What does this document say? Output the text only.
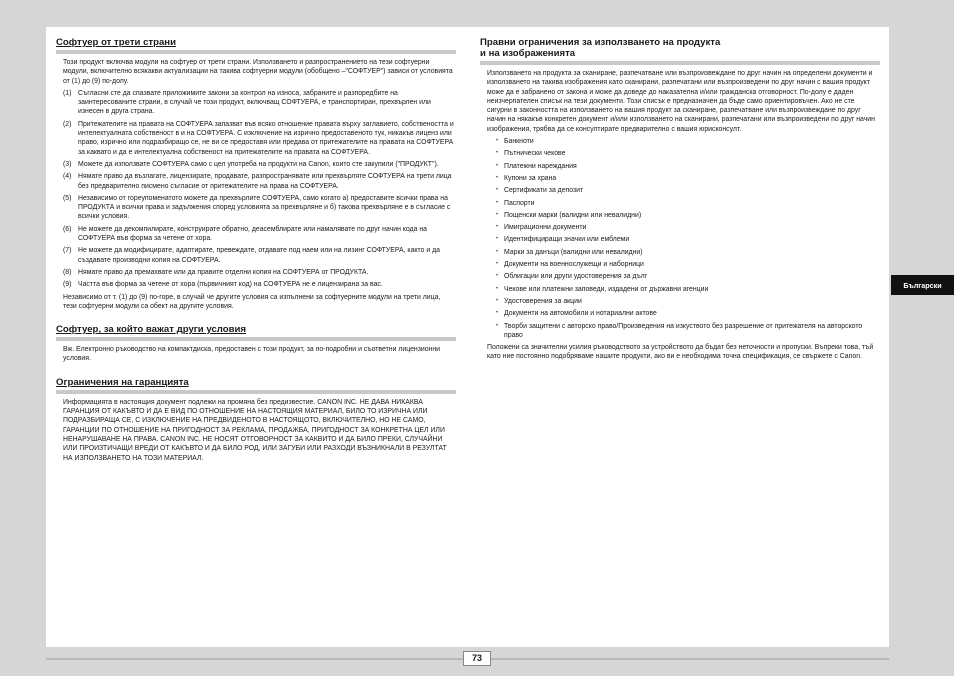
Софтуер от трети страни

Този продукт включва модули на софтуер от трети страни. Използването и разпространението на тези софтуерни модули, включително всякакви актуализации на такива софтуерни модули (обобщено –"СОФТУЕР") зависи от условията от (1) до (9) по-долу.

(1) Съгласни сте да спазвате приложимите закони за контрол на износа, забраните и разпоредбите на заинтересованите страни, в случай че този продукт, включващ СОФТУЕРА, е транспортиран, прехвърлен или изнесен в друга страна.
(2) Притежателите на правата на СОФТУЕРА запазват във всяко отношение правата върху заглавието, собствеността и интелектуалната собственост в и на СОФТУЕРА. С изключение на изрично предоставеното тук, никакъв лиценз или право, изрично или подразбиращо се, не ви се предоставя или предава от притежателите на правата на СОФТУЕРА за каквато и да е интелектуална собственост на притежателите на правата на СОФТУЕРА.
(3) Можете да използвате СОФТУЕРА само с цел употреба на продукти на Canon, които сте закупили ("ПРОДУКТ").
(4) Нямате право да възлагате, лицензирате, продавате, разпространявате или прехвърляте СОФТУЕРА на трети лица без предварително писмено съгласие от притежателите на права на СОФТУЕРА.
(5) Независимо от гореупоменатото можете да прехвърлите СОФТУЕРА, само когато а) предоставите всички права на ПРОДУКТА и всички права и задължения според условията за прехвърляне и б) такова прехвърляне е в съгласие с всички условия.
(6) Не можете да декомпилирате, конструирате обратно, деасемблирате или намалявате по друг начин кода на СОФТУЕРА във форма за четене от хора.
(7) Не можете да модифицирате, адаптирате, превеждате, отдавате под наем или на лизинг СОФТУЕРА, както и да създавате производни копия на СОФТУЕРА.
(8) Нямате право да премахвате или да правите отделни копия на СОФТУЕРА от ПРОДУКТА.
(9) Частта във форма за четене от хора (първичният код) на СОФТУЕРА не е лицензирана за вас.

Независимо от т. (1) до (9) по-горе, в случай че другите условия са изпълнени за софтуерните модули на трети лица, тези софтуерни модули са обект на другите условия.

Софтуер, за който важат други условия

Вж. Електронно ръководство на компактдиска, предоставен с този продукт, за по-подробни и съответни лицензионни условия.

Ограничения на гаранцията

Информацията в настоящия документ подлежи на промяна без предизвестие. CANON INC. НЕ ДАВА НИКАКВА ГАРАНЦИЯ ОТ КАКЪВТО И ДА Е ВИД ПО ОТНОШЕНИЕ НА НАСТОЯЩИЯ МАТЕРИАЛ, БИЛО ТО ИЗРИЧНА ИЛИ ПОДРАЗБИРАЩА СЕ, С ИЗКЛЮЧЕНИЕ НА ПРЕДВИДЕНОТО В НАСТОЯЩОТО, ВКЛЮЧИТЕЛНО, НО НЕ САМО, ГАРАНЦИИ ПО ОТНОШЕНИЕ НА ПРИГОДНОСТ ЗА РЕКЛАМА, ПРОДАЖБА, ПРИГОДНОСТ ЗА КОНКРЕТНА ЦЕЛ ИЛИ НЕНАРУШАВАНЕ НА ПРАВА. CANON INC. НЕ НОСЯТ ОТГОВОРНОСТ ЗА КАКВИТО И ДА БИЛО ПРЕКИ, СЛУЧАЙНИ ИЛИ ПРОИЗТИЧАЩИ ВРЕДИ ОТ КАКЪВТО И ДА БИЛО РОД, ИЛИ ЗАГУБИ ИЛИ РАЗХОДИ ВЪЗНИКНАЛИ В РЕЗУЛТАТ НА ИЗПОЛЗВАНЕТО НА ТОЗИ МАТЕРИАЛ.

Правни ограничения за използването на продукта
и на изображенията

Използването на продукта за сканиране, разпечатване или възпроизвеждане по друг начин на определени документи и използването на такива изображения като сканирани, разпечатани или възпроизведени по друг начин с вашия продукт може да е забранено от закона и може да доведе до наказателна и/или гражданска отговорност. По-долу е даден неизчерпателен списък на тези документи. Този списък е предназначен да бъде само ориентировъчен. Ако не сте сигурни в законността на използването на вашия продукт за сканиране, разпечатване или възпроизвеждане по друг начин на някакъв конкретен документ и/или използването на сканирани, разпечатани или възпроизведени по друг начин изображения, трябва да се консултирате предварително с вашия юрисконсулт.

• Банкноти
• Пътнически чекове
• Платежни нареждания
• Купони за храна
• Сертификати за депозит
• Паспорти
• Пощенски марки (валидни или невалидни)
• Имиграционни документи
• Идентифициращи значки или емблеми
• Марки за данъци (валидни или невалидни)
• Документи на военнослужещи и наборници
• Облигации или други удостоверения за дълг
• Чекове или платежни заповеди, издадени от държавни агенции
• Удостоверения за акции
• Документи на автомобили и нотариални актове
• Творби защитени с авторско право/Произведения на изкуството без разрешение от притежателя на авторското право

Положени са значителни усилия ръководството за устройството да бъдат без неточности и пропуски. Въпреки това, тъй като ние постоянно подобряваме нашите продукти, ако ви е необходима точна спецификация, се свържете с Canon.

Български
73
